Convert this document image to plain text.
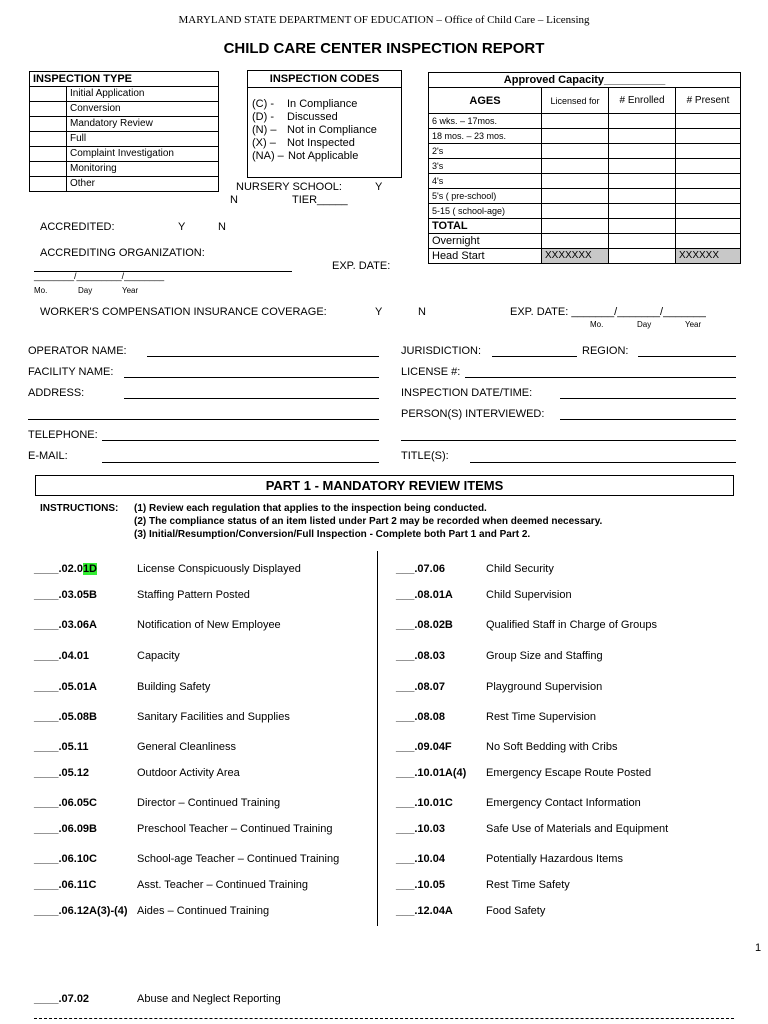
MARYLAND STATE DEPARTMENT OF EDUCATION – Office of Child Care – Licensing
CHILD CARE CENTER INSPECTION REPORT
INSPECTION TYPE	
	Initial Application
	Conversion
	Mandatory Review
	Full
	Complaint Investigation
	Monitoring
	Other
INSPECTION CODES
(C) - In Compliance
(D) - Discussed
(N) – Not in Compliance
(X) – Not Inspected
(NA) – Not Applicable
Approved Capacity__________			
AGES	Licensed for	# Enrolled	# Present
6 wks. – 17mos.			
18 mos. – 23 mos.			
2's			
3's			
4's			
5's ( pre-school)			
5-15 ( school-age)			
TOTAL			
Overnight			
Head Start	XXXXXXX		XXXXXX
NURSERY SCHOOL:	Y
N	TIER_____
ACCREDITED:	Y	N
ACCREDITING ORGANIZATION:
EXP. DATE:
________/_________/________
Mo.	Day	Year
WORKER'S COMPENSATION INSURANCE COVERAGE:	Y	N	EXP. DATE: _______/_______/_______
Mo.	Day	Year
OPERATOR NAME:
FACILITY NAME:
ADDRESS:
TELEPHONE:
E-MAIL:
JURISDICTION:	REGION:
LICENSE #:
INSPECTION DATE/TIME:
PERSON(S) INTERVIEWED:
TITLE(S):
PART 1 - MANDATORY REVIEW ITEMS
INSTRUCTIONS: (1) Review each regulation that applies to the inspection being conducted.
(2) The compliance status of an item listed under Part 2 may be recorded when deemed necessary.
(3) Initial/Resumption/Conversion/Full Inspection - Complete both Part 1 and Part 2.
____.02.01D	License Conspicuously Displayed
____.03.05B	Staffing Pattern Posted
____.03.06A	Notification of New Employee
____.04.01	Capacity
____.05.01A	Building Safety
____.05.08B	Sanitary Facilities and Supplies
____.05.11	General Cleanliness
____.05.12	Outdoor Activity Area
____.06.05C	Director – Continued Training
____.06.09B	Preschool Teacher – Continued Training
____.06.10C	School-age Teacher – Continued Training
____.06.11C	Asst. Teacher – Continued Training
____.06.12A(3)-(4) Aides – Continued Training
___.07.06	Child Security
___.08.01A	Child Supervision
___.08.02B	Qualified Staff in Charge of Groups
___.08.03	Group Size and Staffing
___.08.07	Playground Supervision
___.08.08	Rest Time Supervision
___.09.04F	No Soft Bedding with Cribs
___.10.01A(4) Emergency Escape Route Posted
___.10.01C	Emergency Contact Information
___.10.03	Safe Use of Materials and Equipment
___.10.04	Potentially Hazardous Items
___.10.05	Rest Time Safety
___.12.04A	Food Safety
1
____.07.02	Abuse and Neglect Reporting
